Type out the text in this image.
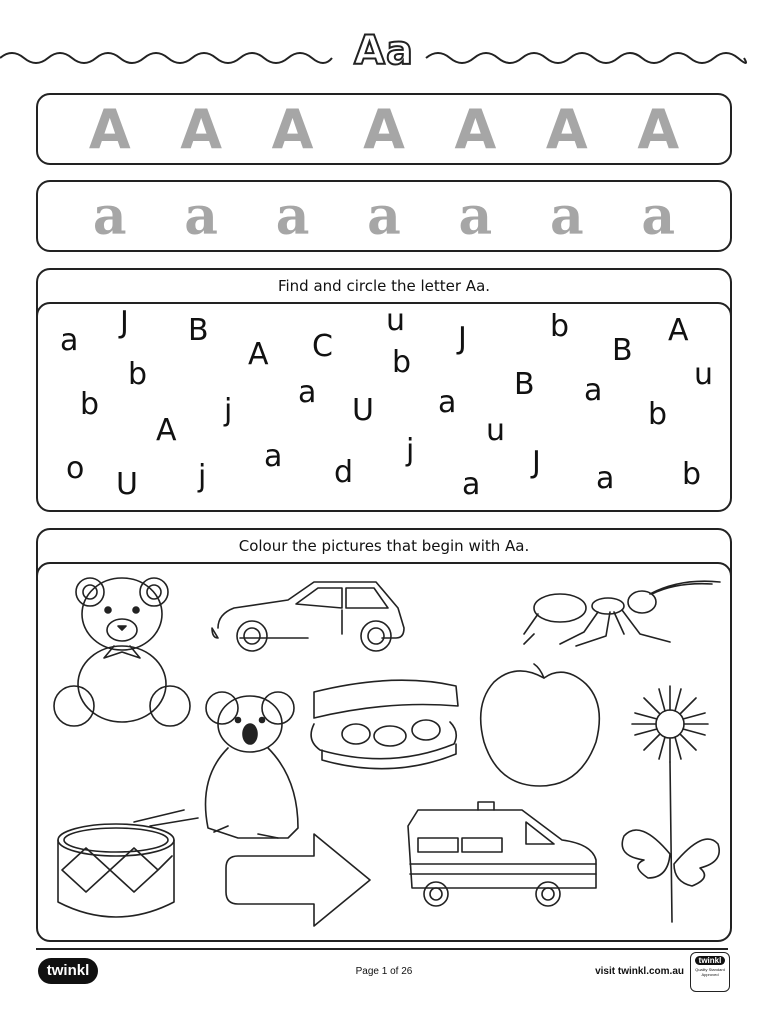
Aa
A A A A A A A
a a a a a a a
Find and circle the letter Aa.
a
J B
A C
u
b
J	b
B
A
u
b
b	j
a
U a
B a
b
A	u
o U j
a d
j
a
J a b
Colour the pictures that begin with Aa.
twinkl	Page 1 of 26	visit twinkl.com.au
twinkl
Quality Standard Approved
